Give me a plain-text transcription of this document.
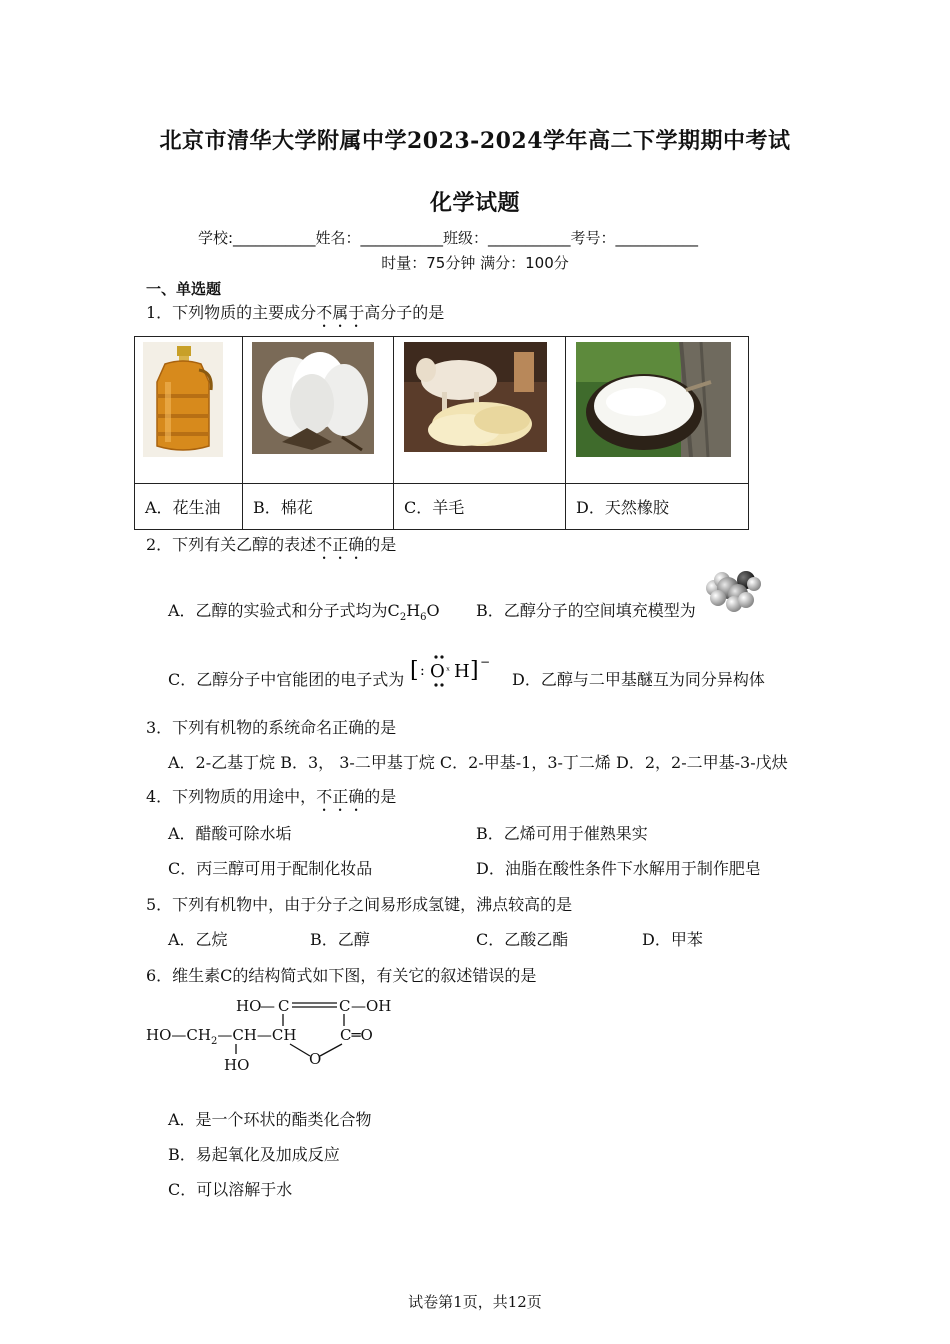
北京市清华大学附属中学2023-2024学年高二下学期期中考试
化学试题
学校:___________姓名：___________班级：___________考号：___________
时量：75分钟 满分：100分
一、单选题
1．下列物质的主要成分不属于高分子的是

A．花生油	B．棉花	C．羊毛	D．天然橡胶
2．下列有关乙醇的表述不正确的是
A．乙醇的实验式和分子式均为$C_2H_6O$ B．乙醇分子的空间填充模型为
C．乙醇分子中官能团的电子式为 [ : O ˣ H ] −
D．乙醇与二甲基醚互为同分异构体
3．下列有机物的系统命名正确的是
A．2-乙基丁烷 B．3， 3-二甲基丁烷 C．2-甲基-1，3-丁二烯 D．2，2-二甲基-3-戊炔
4．下列物质的用途中，不正确的是
A．醋酸可除水垢	B．乙烯可用于催熟果实
C．丙三醇可用于配制化妆品	D．油脂在酸性条件下水解用于制作肥皂
5．下列有机物中，由于分子之间易形成氢键，沸点较高的是
A．乙烷	B．乙醇	C．乙酸乙酯	D．甲苯
6．维生素C的结构简式如下图，有关它的叙述错误的是
HO
— C	C — OH
$HO—CH_2—CH—CH$	C═O
O
HO
A．是一个环状的酯类化合物
B．易起氧化及加成反应
C．可以溶解于水
试卷第1页，共12页
